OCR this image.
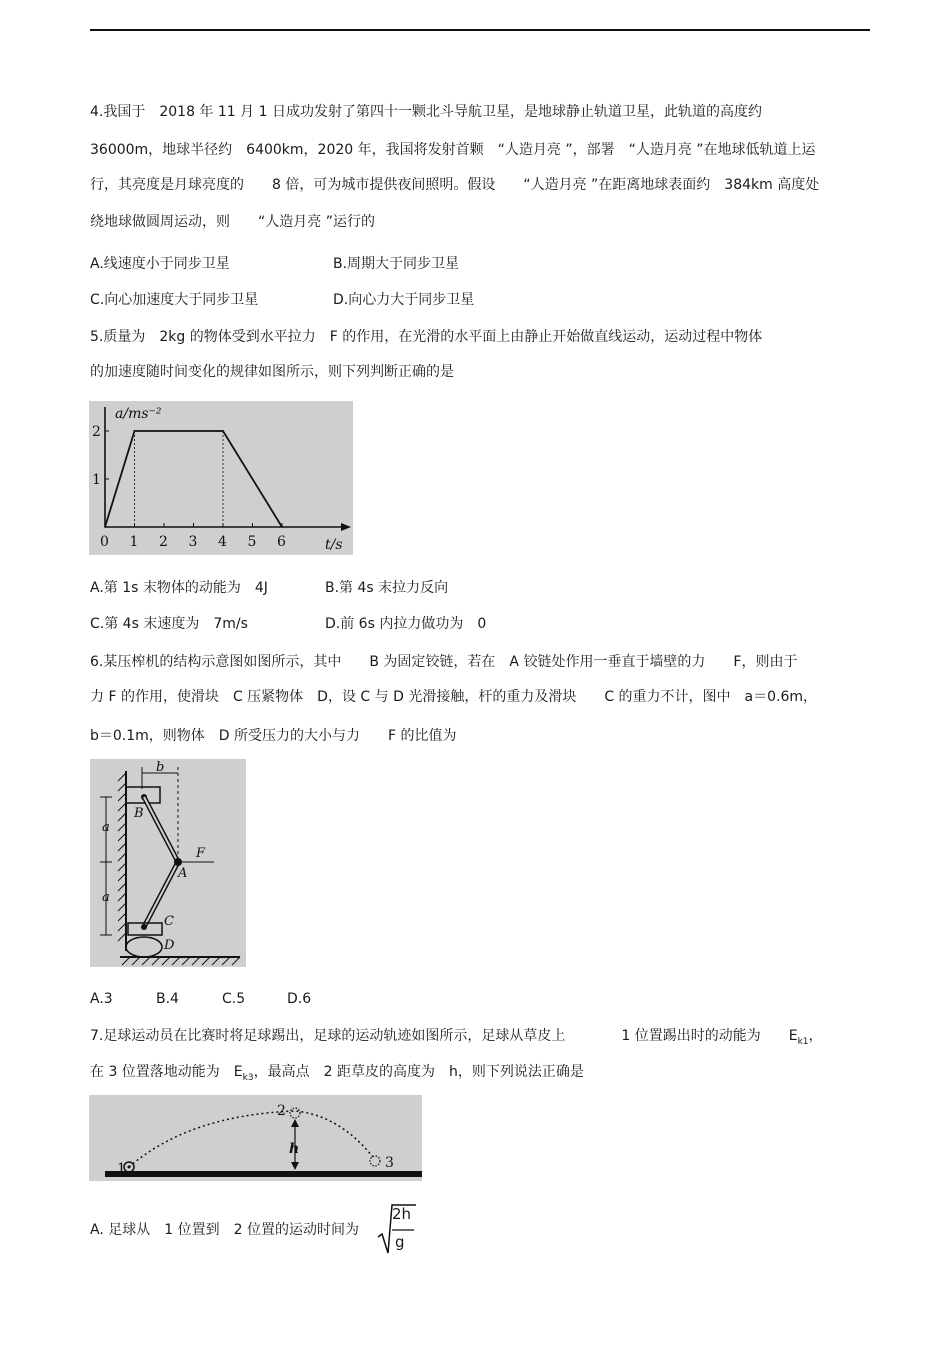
4.我国于　2018 年 11 月 1 日成功发射了第四十一颗北斗导航卫星，是地球静止轨道卫星，此轨道的高度约
36000m，地球半径约　6400km，2020 年，我国将发射首颗　“人造月亮 ”，部署　“人造月亮 ”在地球低轨道上运
行，其亮度是月球亮度的　　8 倍，可为城市提供夜间照明。假设　　“人造月亮 ”在距离地球表面约　384km 高度处
绕地球做圆周运动，则　　“人造月亮 ”运行的
A.线速度小于同步卫星	B.周期大于同步卫星
C.向心加速度大于同步卫星	D.向心力大于同步卫星
5.质量为　2kg 的物体受到水平拉力　F 的作用，在光滑的水平面上由静止开始做直线运动，运动过程中物体
的加速度随时间变化的规律如图所示，则下列判断正确的是
a/ms⁻²
t/s
0 1 2 3 4 5 6
1
2
A.第 1s 末物体的动能为　4J	B.第 4s 末拉力反向
C.第 4s 末速度为　7m/s	D.前 6s 内拉力做功为　0
6.某压榨机的结构示意图如图所示，其中　　B 为固定铰链，若在　A 铰链处作用一垂直于墙壁的力　　F，则由于
力 F 的作用，使滑块　C 压紧物体　D，设 C 与 D 光滑接触，杆的重力及滑块　　C 的重力不计，图中　a＝0.6m，
b＝0.1m，则物体　D 所受压力的大小与力　　F 的比值为
b
a
a
B
A
F
C
D
A.3	B.4	C.5	D.6
7.足球运动员在比赛时将足球踢出，足球的运动轨迹如图所示，足球从草皮上　　　　1 位置踢出时的动能为　　$E_{k1}$，
在 3 位置落地动能为　$E_{k3}$，最高点　2 距草皮的高度为　h，则下列说法正确是
1
2
h
3
A. 足球从　1 位置到　2 位置的运动时间为
2h
g
